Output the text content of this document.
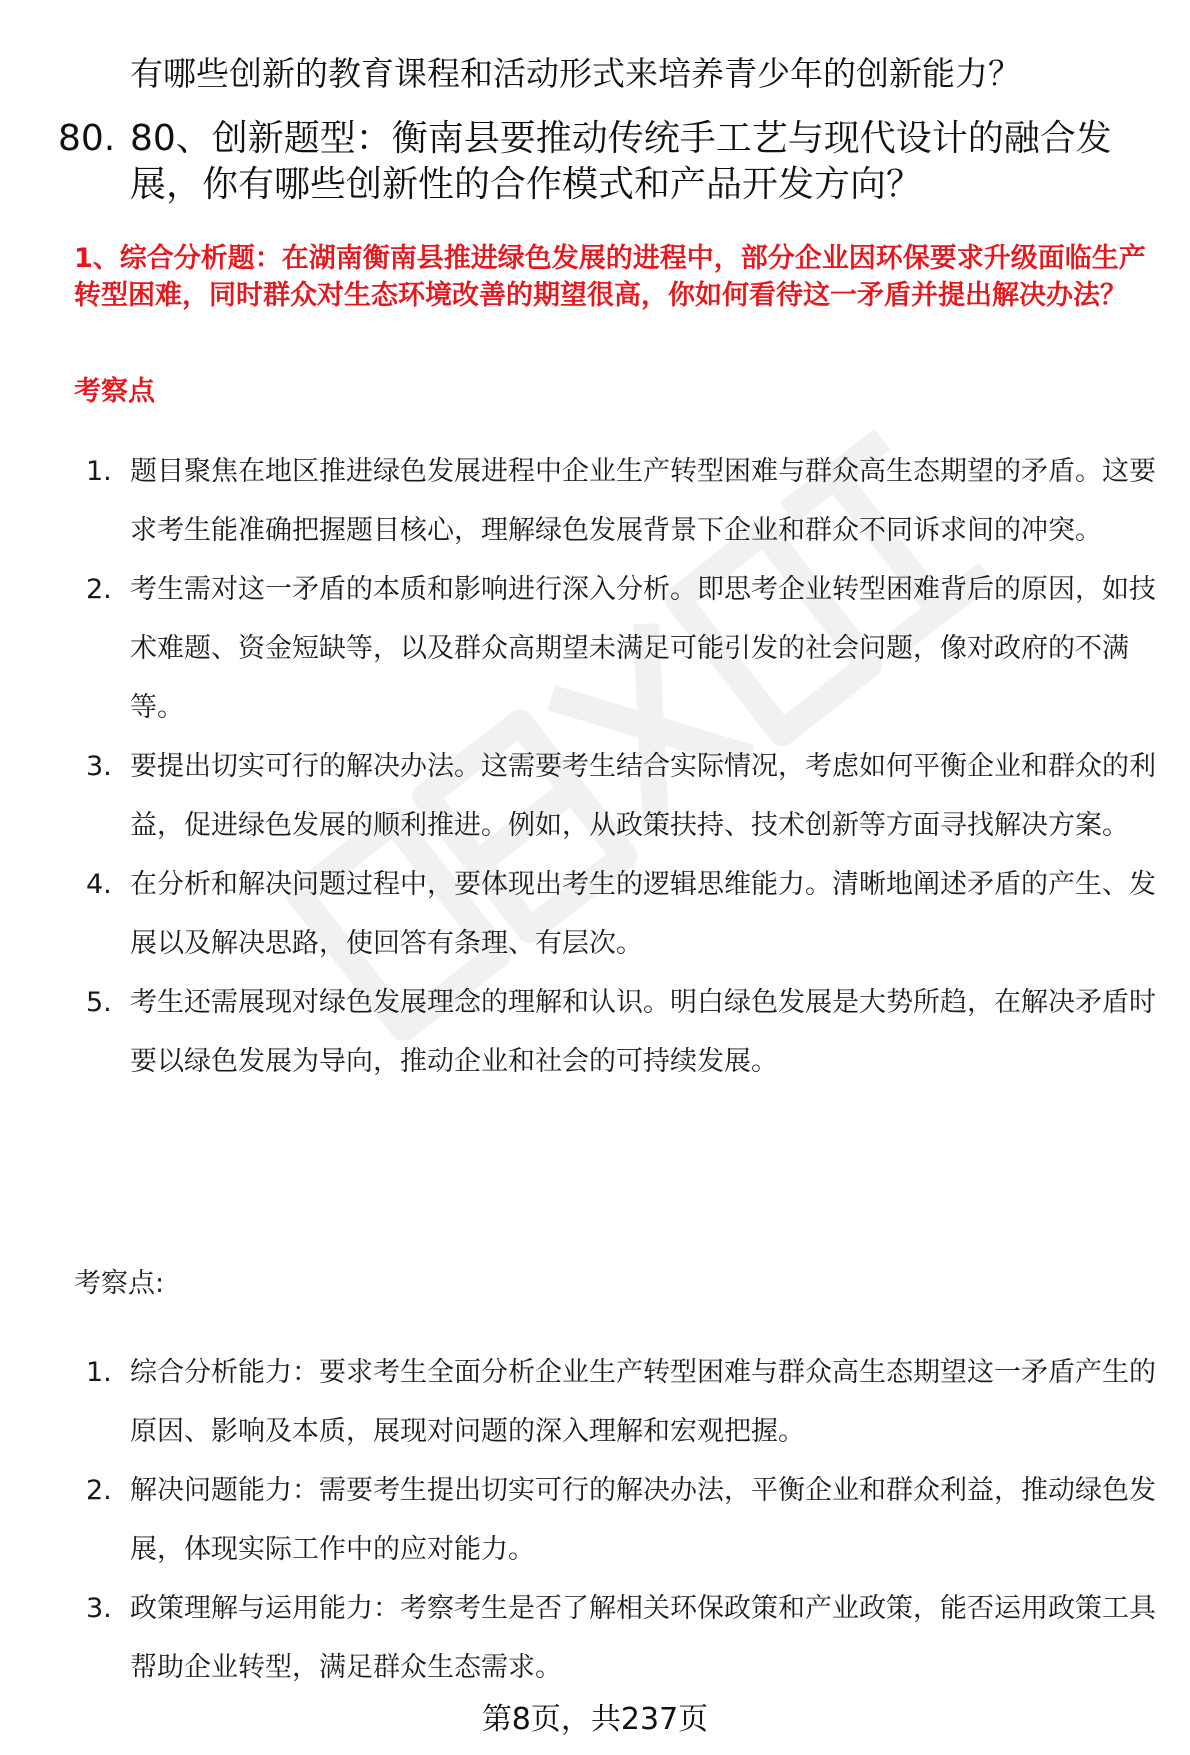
有哪些创新的教育课程和活动形式来培养青少年的创新能力？
80. 80、创新题型：衡南县要推动传统手工艺与现代设计的融合发展，你有哪些创新性的合作模式和产品开发方向？
1、综合分析题：在湖南衡南县推进绿色发展的进程中，部分企业因环保要求升级面临生产转型困难，同时群众对生态环境改善的期望很高，你如何看待这一矛盾并提出解决办法？
考察点
1. 题目聚焦在地区推进绿色发展进程中企业生产转型困难与群众高生态期望的矛盾。这要求考生能准确把握题目核心，理解绿色发展背景下企业和群众不同诉求间的冲突。
2. 考生需对这一矛盾的本质和影响进行深入分析。即思考企业转型困难背后的原因，如技术难题、资金短缺等，以及群众高期望未满足可能引发的社会问题，像对政府的不满等。
3. 要提出切实可行的解决办法。这需要考生结合实际情况，考虑如何平衡企业和群众的利益，促进绿色发展的顺利推进。例如，从政策扶持、技术创新等方面寻找解决方案。
4. 在分析和解决问题过程中，要体现出考生的逻辑思维能力。清晰地阐述矛盾的产生、发展以及解决思路，使回答有条理、有层次。
5. 考生还需展现对绿色发展理念的理解和认识。明白绿色发展是大势所趋，在解决矛盾时要以绿色发展为导向，推动企业和社会的可持续发展。
考察点:
1. 综合分析能力：要求考生全面分析企业生产转型困难与群众高生态期望这一矛盾产生的原因、影响及本质，展现对问题的深入理解和宏观把握。
2. 解决问题能力：需要考生提出切实可行的解决办法，平衡企业和群众利益，推动绿色发展，体现实际工作中的应对能力。
3. 政策理解与运用能力：考察考生是否了解相关环保政策和产业政策，能否运用政策工具帮助企业转型，满足群众生态需求。
第8页，共237页
